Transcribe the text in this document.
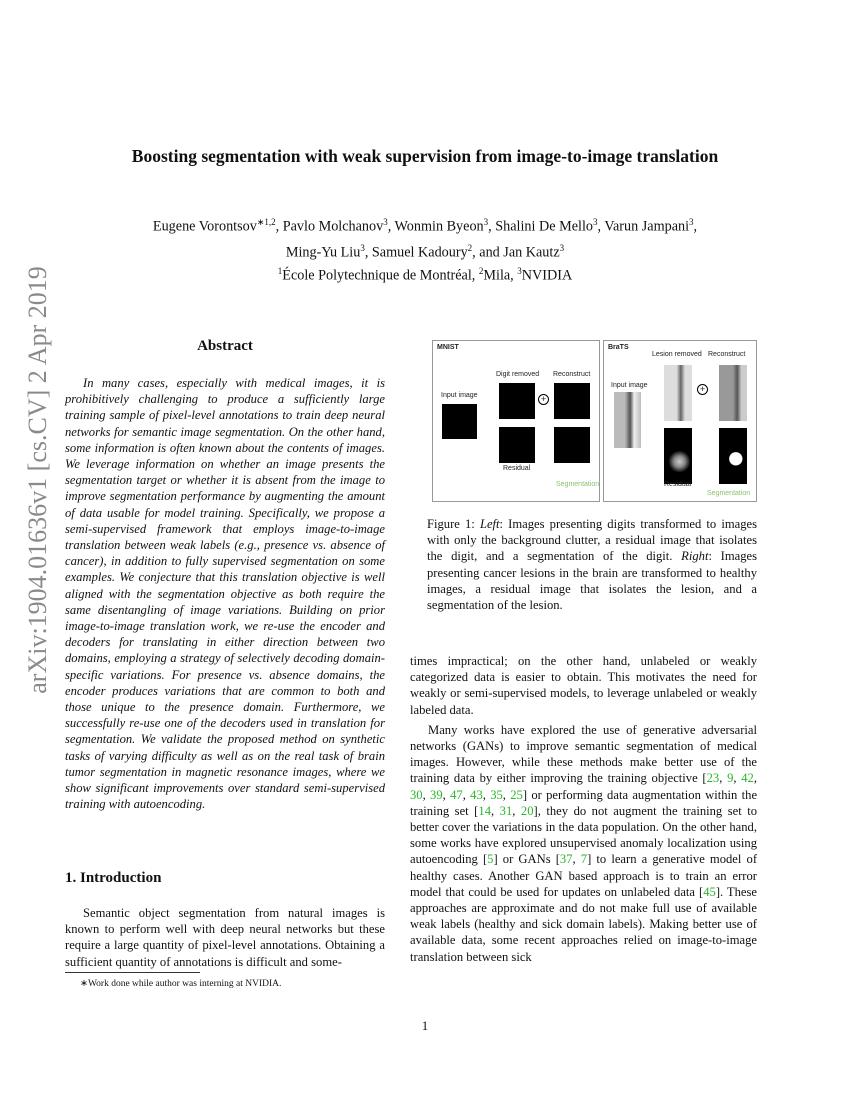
Boosting segmentation with weak supervision from image-to-image translation
Eugene Vorontsov$^{∗1,2}$, Pavlo Molchanov$^3$, Wonmin Byeon$^3$, Shalini De Mello$^3$, Varun Jampani$^3$,
Ming-Yu Liu$^3$, Samuel Kadoury$^2$, and Jan Kautz$^3$
$^1$École Polytechnique de Montréal, $^2$Mila, $^3$NVIDIA
arXiv:1904.01636v1 [cs.CV] 2 Apr 2019	Abstract

In many cases, especially with medical images, it is prohibitively challenging to produce a sufficiently large training sample of pixel-level annotations to train deep neural networks for semantic image segmentation. On the other hand, some information is often known about the contents of images. We leverage information on whether an image presents the segmentation target or whether it is absent from the image to improve segmentation performance by augmenting the amount of data usable for model training. Specifically, we propose a semi-supervised framework that employs image-to-image translation between weak labels (e.g., presence vs. absence of cancer), in addition to fully supervised segmentation on some examples. We conjecture that this translation objective is well aligned with the segmentation objective as both require the same disentangling of image variations. Building on prior image-to-image translation work, we re-use the encoder and decoders for translating in either direction between two domains, employing a strategy of selectively decoding domain-specific variations. For presence vs. absence domains, the encoder produces variations that are common to both and those unique to the presence domain. Furthermore, we successfully re-use one of the decoders used in translation for segmentation. We validate the proposed method on synthetic tasks of varying difficulty as well as on the real task of brain tumor segmentation in magnetic resonance images, where we show significant improvements over standard semi-supervised training with autoencoding.

1. Introduction

Semantic object segmentation from natural images is known to perform well with deep neural networks but these require a large quantity of pixel-level annotations. Obtaining a sufficient quantity of annotations is difficult and some-

∗Work done while author was interning at NVIDIA.
MNIST
Input image
Digit removed Reconstruct
Residual
Segmentation
+
BraTS
Input image
Lesion removed Reconstruct
Residual
Segmentation
+
Figure 1: Left: Images presenting digits transformed to images with only the background clutter, a residual image that isolates the digit, and a segmentation of the digit. Right: Images presenting cancer lesions in the brain are transformed to healthy images, a residual image that isolates the lesion, and a segmentation of the lesion.

times impractical; on the other hand, unlabeled or weakly categorized data is easier to obtain. This motivates the need for weakly or semi-supervised models, to leverage unlabeled or weakly labeled data.

Many works have explored the use of generative adversarial networks (GANs) to improve semantic segmentation of medical images. However, while these methods make better use of the training data by either improving the training objective [23, 9, 42, 30, 39, 47, 43, 35, 25] or performing data augmentation within the training set [14, 31, 20], they do not augment the training set to better cover the variations in the data population. On the other hand, some works have explored unsupervised anomaly localization using autoencoding [5] or GANs [37, 7] to learn a generative model of healthy cases. Another GAN based approach is to train an error model that could be used for updates on unlabeled data [45]. These approaches are approximate and do not make full use of available weak labels (healthy and sick domain labels). Making better use of available data, some recent approaches relied on image-to-image translation between sick

1
